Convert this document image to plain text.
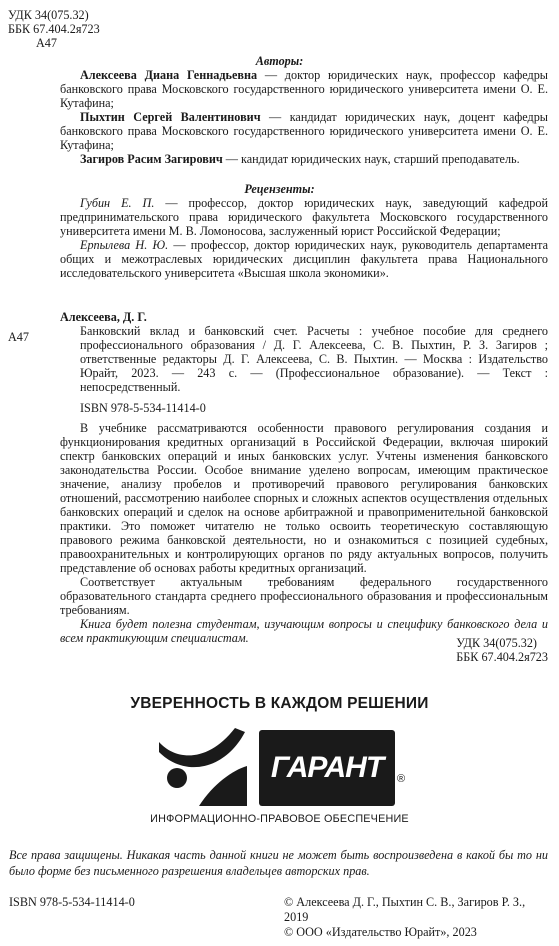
УДК 34(075.32)
ББК 67.404.2я723
А47
Авторы:

Алексеева Диана Геннадьевна — доктор юридических наук, профессор кафедры банковского права Московского государственного юридического университета имени О. Е. Кутафина;

Пыхтин Сергей Валентинович — кандидат юридических наук, доцент кафедры банковского права Московского государственного юридического университета имени О. Е. Кутафина;

Загиров Расим Загирович — кандидат юридических наук, старший преподаватель.

Рецензенты:

Губин Е. П. — профессор, доктор юридических наук, заведующий кафедрой предпринимательского права юридического факультета Московского государственного университета имени М. В. Ломоносова, заслуженный юрист Российской Федерации;

Ерпылева Н. Ю. — профессор, доктор юридических наук, руководитель департамента общих и межотраслевых юридических дисциплин факультета права Национального исследовательского университета «Высшая школа экономики».

Алексеева, Д. Г.
А47	Банковский вклад и банковский счет. Расчеты : учебное пособие для среднего профессионального образования / Д. Г. Алексеева, С. В. Пыхтин, Р. З. Загиров ; ответственные редакторы Д. Г. Алексеева, С. В. Пыхтин. — Москва : Издательство Юрайт, 2023. — 243 с. — (Профессиональное образование). — Текст : непосредственный.
ISBN 978-5-534-11414-0

В учебнике рассматриваются особенности правового регулирования создания и функционирования кредитных организаций в Российской Федерации, включая широкий спектр банковских операций и иных банковских услуг. Учтены изменения банковского законодательства России. Особое внимание уделено вопросам, имеющим практическое значение, анализу пробелов и противоречий правового регулирования банковских отношений, рассмотрению наиболее спорных и сложных аспектов осуществления отдельных банковских операций и сделок на основе арбитражной и правоприменительной банковской практики. Это поможет читателю не только освоить теоретическую составляющую правового режима банковской деятельности, но и ознакомиться с позицией судебных, правоохранительных и контролирующих органов по ряду актуальных вопросов, получить представление об основах работы кредитных организаций.

Соответствует актуальным требованиям федерального государственного образовательного стандарта среднего профессионального образования и профессиональным требованиям.

Книга будет полезна студентам, изучающим вопросы и специфику банковского дела и всем практикующим специалистам.	УДК 34(075.32)
ББК 67.404.2я723
УВЕРЕННОСТЬ В КАЖДОМ РЕШЕНИИ
ГАРАНТ	®
ИНФОРМАЦИОННО-ПРАВОВОЕ ОБЕСПЕЧЕНИЕ
Все права защищены. Никакая часть данной книги не может быть воспроизведена в какой бы то ни было форме без письменного разрешения владельцев авторских прав.
ISBN 978-5-534-11414-0	© Алексеева Д. Г., Пыхтин С. В., Загиров Р. З., 2019
© ООО «Издательство Юрайт», 2023
